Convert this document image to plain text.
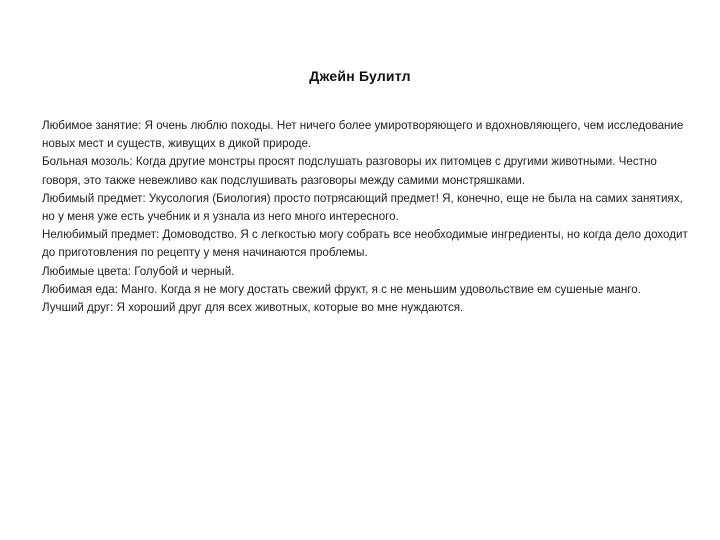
Джейн Булитл

Любимое занятие: Я очень люблю походы. Нет ничего более умиротворяющего и вдохновляющего, чем исследование новых мест и существ, живущих в дикой природе.

Больная мозоль: Когда другие монстры просят подслушать разговоры их питомцев с другими животными. Честно говоря, это также невежливо как подслушивать разговоры между самими монстряшками.

Любимый предмет: Укусология (Биология) просто потрясающий предмет! Я, конечно, еще не была на самих занятиях, но у меня уже есть учебник и я узнала из него много интересного.

Нелюбимый предмет: Домоводство. Я с легкостью могу собрать все необходимые ингредиенты, но когда дело доходит до приготовления по рецепту у меня начинаются проблемы.

Любимые цвета: Голубой и черный.

Любимая еда: Манго. Когда я не могу достать свежий фрукт, я с не меньшим удовольствие ем сушеные манго.

Лучший друг: Я хороший друг для всех животных, которые во мне нуждаются.
